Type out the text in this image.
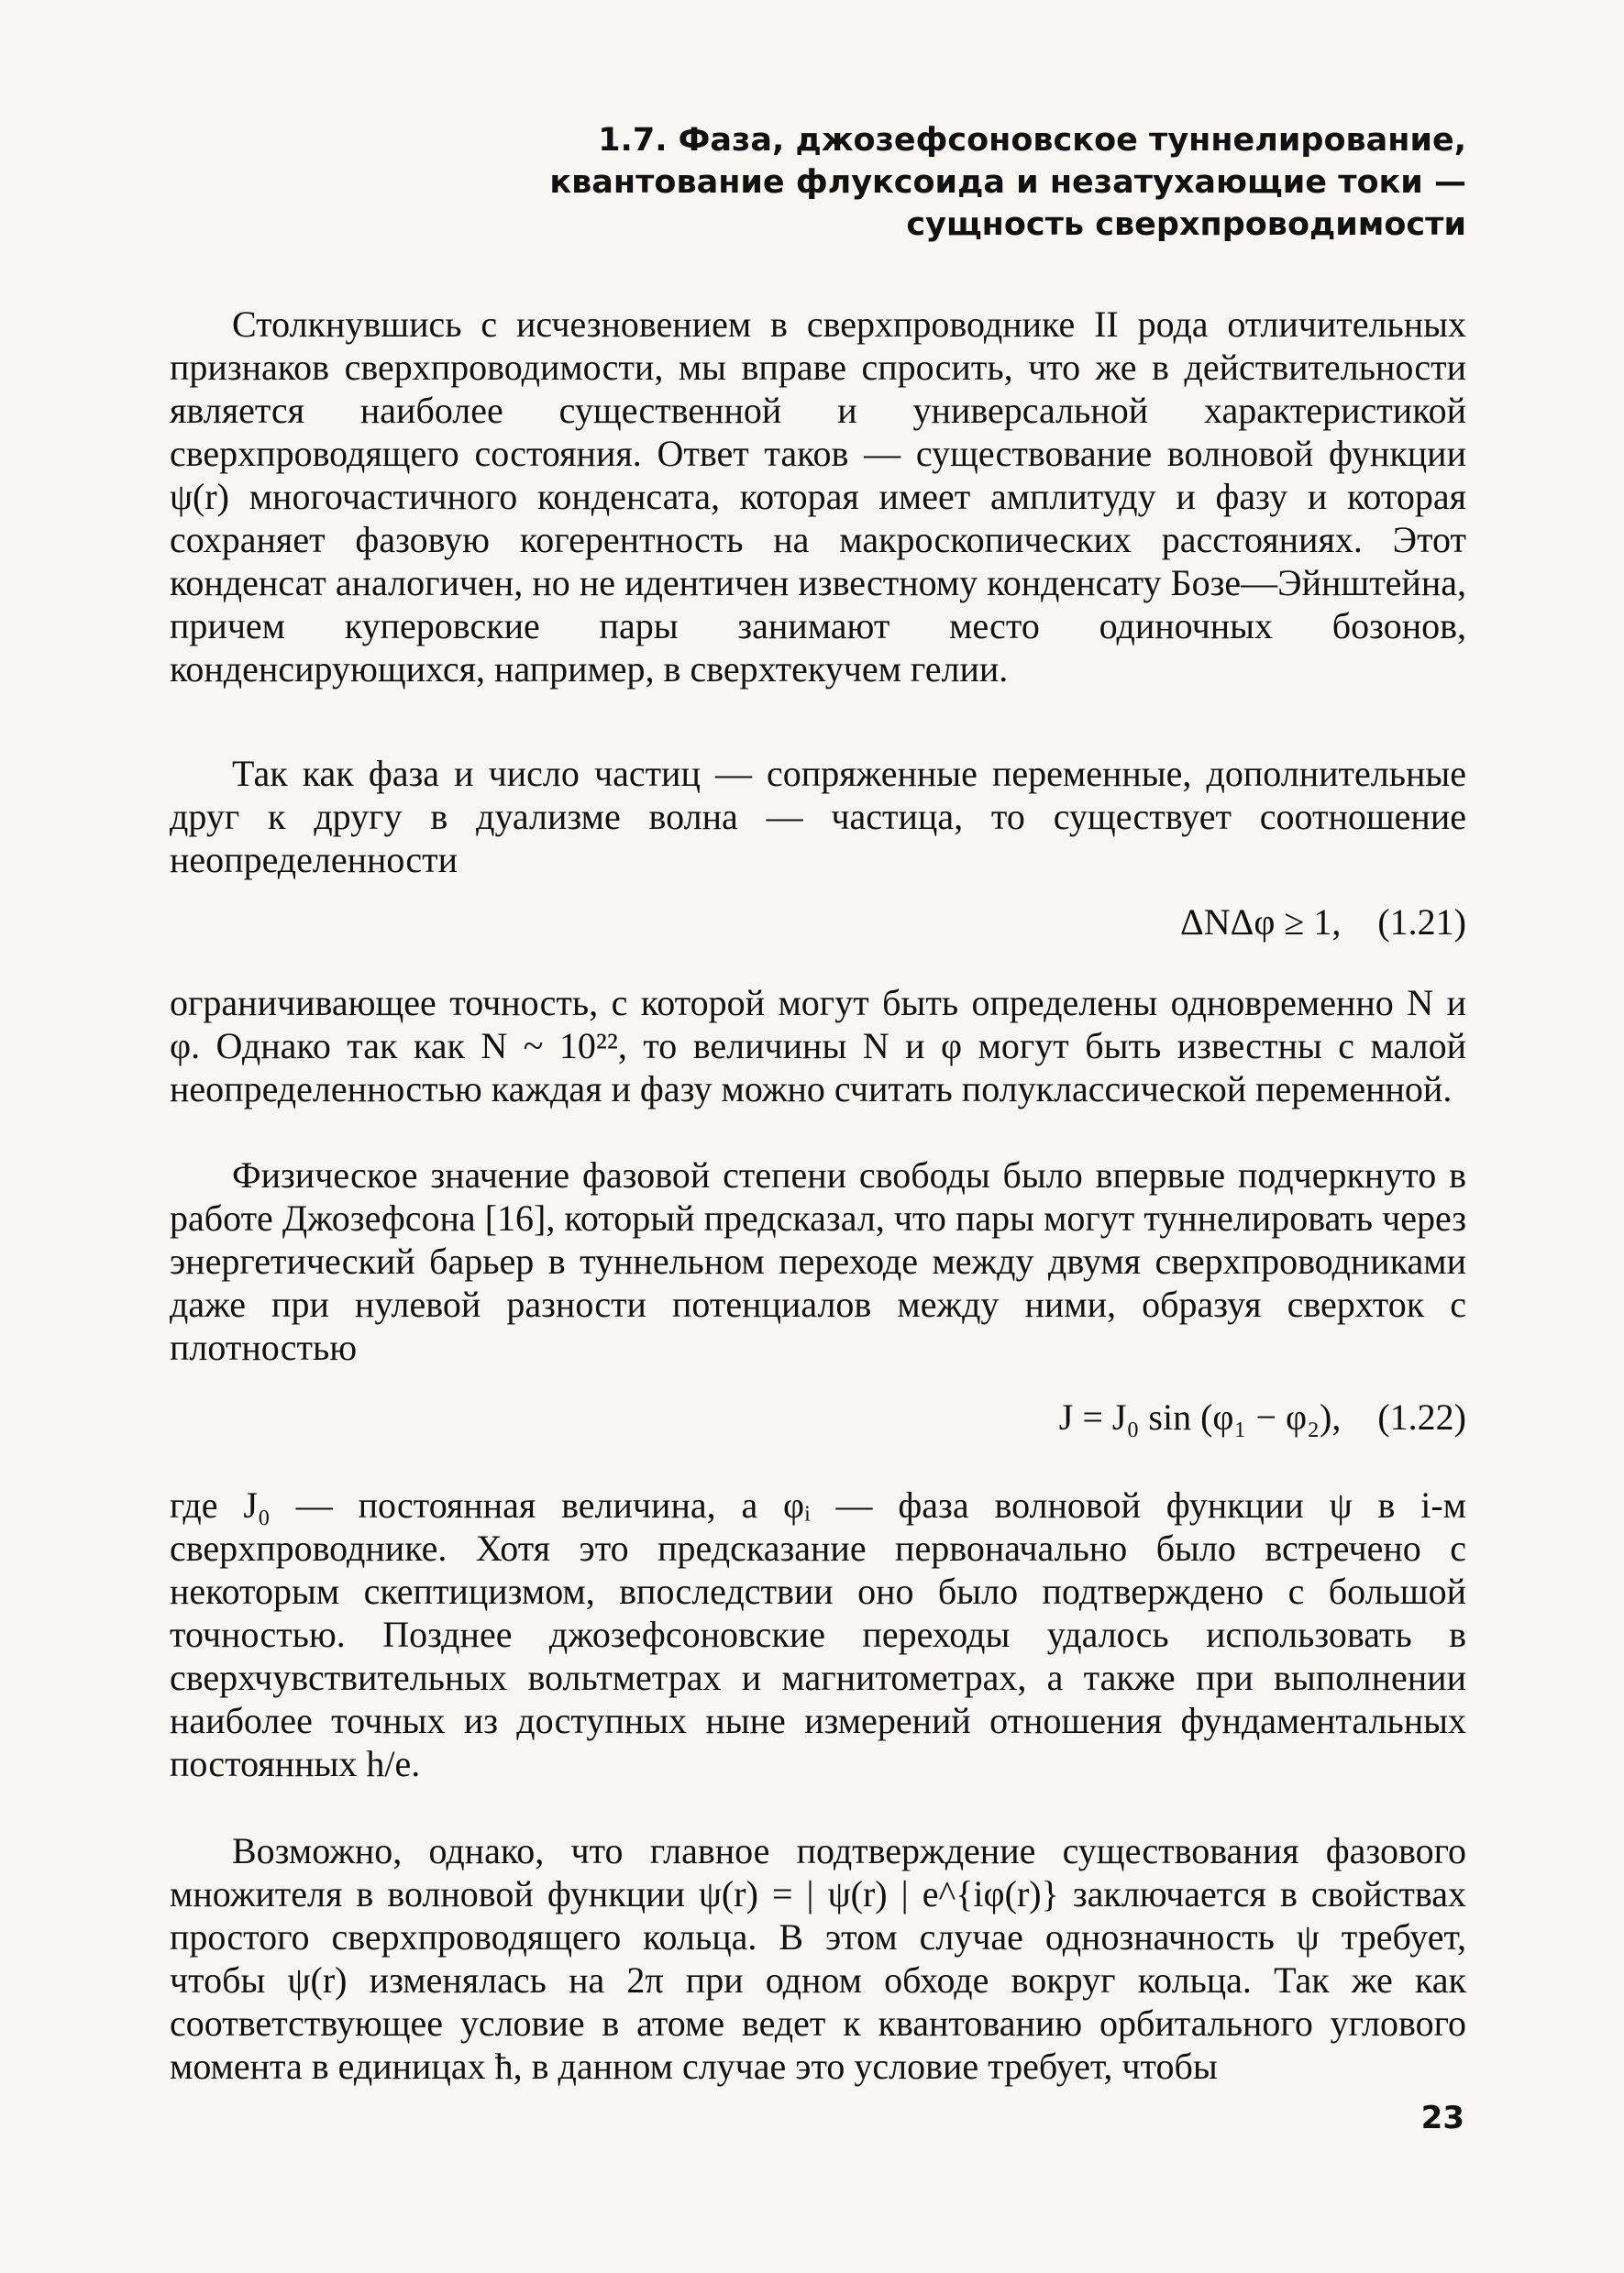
1.7. Фаза, джозефсоновское туннелирование,
квантование флуксоида и незатухающие токи —
сущность сверхпроводимости
Столкнувшись с исчезновением в сверхпроводнике II рода отличительных признаков сверхпроводимости, мы вправе спросить, что же в действительности является наиболее существенной и универсальной характеристикой сверхпроводящего состояния. Ответ таков — существование волновой функции ψ(r) многочастичного конденсата, которая имеет амплитуду и фазу и которая сохраняет фазовую когерентность на макроскопических расстояниях. Этот конденсат аналогичен, но не идентичен известному конденсату Бозе—Эйнштейна, причем куперовские пары занимают место одиночных бозонов, конденсирующихся, например, в сверхтекучем гелии.
Так как фаза и число частиц — сопряженные переменные, дополнительные друг к другу в дуализме волна — частица, то существует соотношение неопределенности
ΔNΔφ ≥ 1, (1.21)
ограничивающее точность, с которой могут быть определены одновременно N и φ. Однако так как N ~ 10²², то величины N и φ могут быть известны с малой неопределенностью каждая и фазу можно считать полуклассической переменной.
Физическое значение фазовой степени свободы было впервые подчеркнуто в работе Джозефсона [16], который предсказал, что пары могут туннелировать через энергетический барьер в туннельном переходе между двумя сверхпроводниками даже при нулевой разности потенциалов между ними, образуя сверхток с плотностью
J = J₀ sin (φ₁ − φ₂), (1.22)
где J₀ — постоянная величина, а φᵢ — фаза волновой функции ψ в i-м сверхпроводнике. Хотя это предсказание первоначально было встречено с некоторым скептицизмом, впоследствии оно было подтверждено с большой точностью. Позднее джозефсоновские переходы удалось использовать в сверхчувствительных вольтметрах и магнитометрах, а также при выполнении наиболее точных из доступных ныне измерений отношения фундаментальных постоянных h/e.
Возможно, однако, что главное подтверждение существования фазового множителя в волновой функции ψ(r) = | ψ(r) | e^{iφ(r)} заключается в свойствах простого сверхпроводящего кольца. В этом случае однозначность ψ требует, чтобы ψ(r) изменялась на 2π при одном обходе вокруг кольца. Так же как соответствующее условие в атоме ведет к квантованию орбитального углового момента в единицах ħ, в данном случае это условие требует, чтобы
23
